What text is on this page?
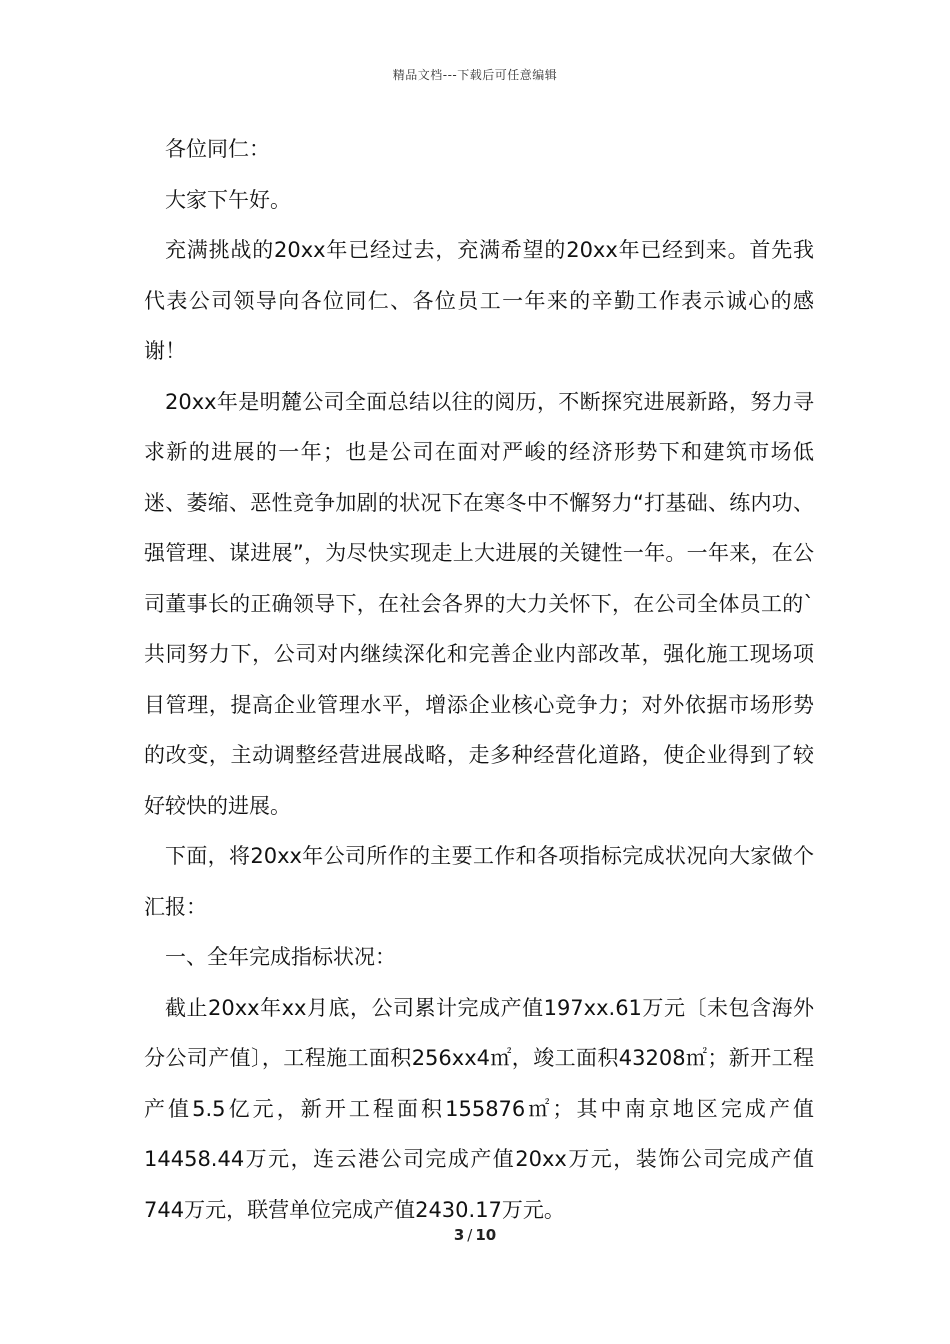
精品文档---下载后可任意编辑

各位同仁：

大家下午好。

充满挑战的20xx年已经过去，充满希望的20xx年已经到来。首先我代表公司领导向各位同仁、各位员工一年来的辛勤工作表示诚心的感谢！

20xx年是明麓公司全面总结以往的阅历，不断探究进展新路，努力寻求新的进展的一年；也是公司在面对严峻的经济形势下和建筑市场低迷、萎缩、恶性竞争加剧的状况下在寒冬中不懈努力“打基础、练内功、强管理、谋进展”，为尽快实现走上大进展的关键性一年。一年来，在公司董事长的正确领导下，在社会各界的大力关怀下，在公司全体员工的`共同努力下，公司对内继续深化和完善企业内部改革，强化施工现场项目管理，提高企业管理水平，增添企业核心竞争力；对外依据市场形势的改变，主动调整经营进展战略，走多种经营化道路，使企业得到了较好较快的进展。

下面，将20xx年公司所作的主要工作和各项指标完成状况向大家做个汇报：

一、全年完成指标状况：

截止20xx年xx月底，公司累计完成产值197xx.61万元〔未包含海外分公司产值〕，工程施工面积256xx4㎡，竣工面积43208㎡；新开工程产值5.5亿元，新开工程面积155876㎡；其中南京地区完成产值14458.44万元，连云港公司完成产值20xx万元，装饰公司完成产值744万元，联营单位完成产值2430.17万元。

3 / 10
